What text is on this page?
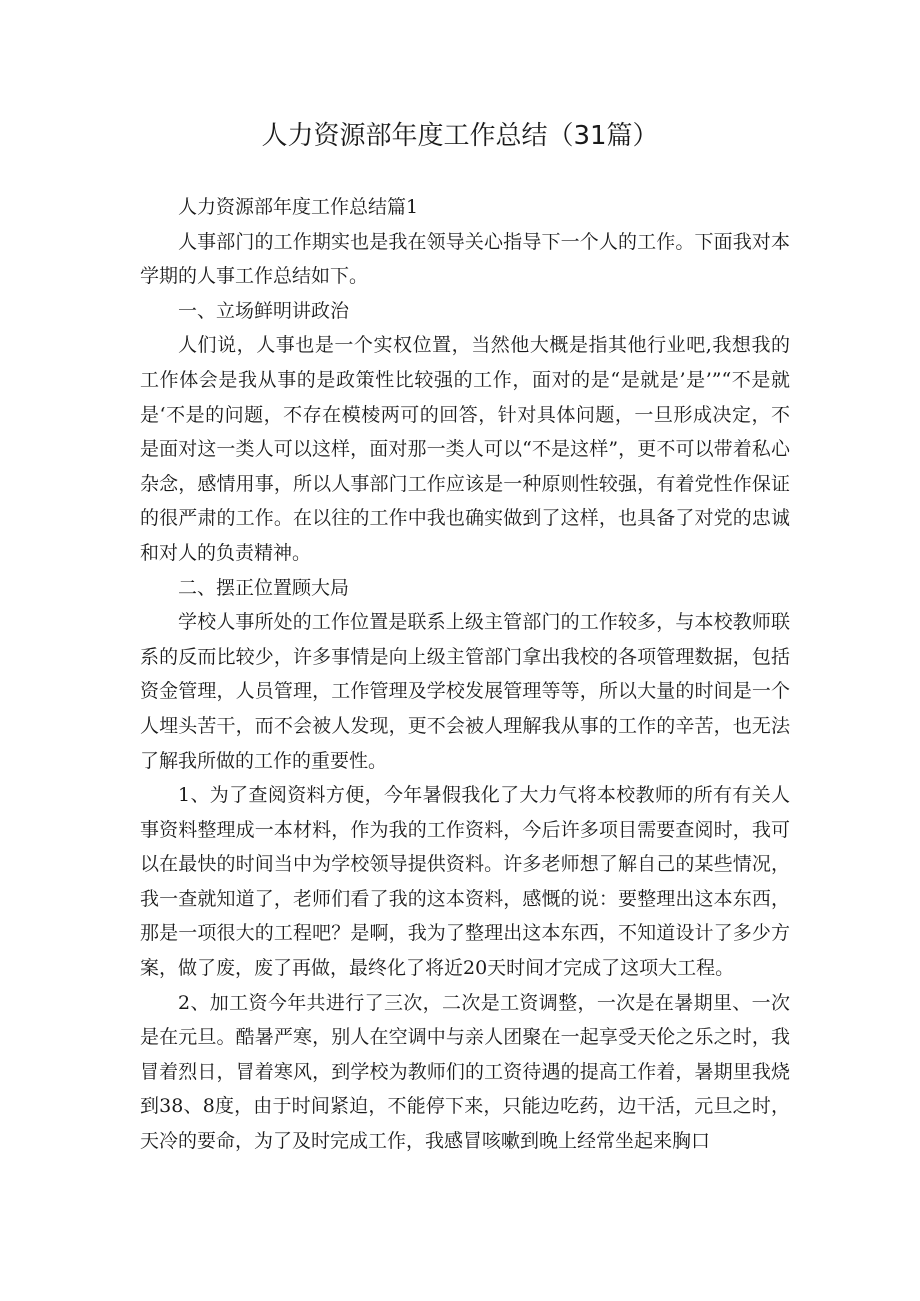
人力资源部年度工作总结（31篇）

人力资源部年度工作总结篇1

人事部门的工作期实也是我在领导关心指导下一个人的工作。下面我对本学期的人事工作总结如下。

一、立场鲜明讲政治

人们说，人事也是一个实权位置，当然他大概是指其他行业吧,我想我的工作体会是我从事的是政策性比较强的工作，面对的是“是就是’是’”“不是就是‘不是的问题，不存在模棱两可的回答，针对具体问题，一旦形成决定，不是面对这一类人可以这样，面对那一类人可以“不是这样”，更不可以带着私心杂念，感情用事，所以人事部门工作应该是一种原则性较强，有着党性作保证的很严肃的工作。在以往的工作中我也确实做到了这样，也具备了对党的忠诚和对人的负责精神。

二、摆正位置顾大局

学校人事所处的工作位置是联系上级主管部门的工作较多，与本校教师联系的反而比较少，许多事情是向上级主管部门拿出我校的各项管理数据，包括资金管理，人员管理，工作管理及学校发展管理等等，所以大量的时间是一个人埋头苦干，而不会被人发现，更不会被人理解我从事的工作的辛苦，也无法了解我所做的工作的重要性。

1、为了查阅资料方便，今年暑假我化了大力气将本校教师的所有有关人事资料整理成一本材料，作为我的工作资料，今后许多项目需要查阅时，我可以在最快的时间当中为学校领导提供资料。许多老师想了解自己的某些情况，我一查就知道了，老师们看了我的这本资料，感慨的说：要整理出这本东西，那是一项很大的工程吧？是啊，我为了整理出这本东西，不知道设计了多少方案，做了废，废了再做，最终化了将近20天时间才完成了这项大工程。

2、加工资今年共进行了三次，二次是工资调整，一次是在暑期里、一次是在元旦。酷暑严寒，别人在空调中与亲人团聚在一起享受天伦之乐之时，我冒着烈日，冒着寒风，到学校为教师们的工资待遇的提高工作着，暑期里我烧到38、8度，由于时间紧迫，不能停下来，只能边吃药，边干活，元旦之时，天冷的要命，为了及时完成工作，我感冒咳嗽到晚上经常坐起来胸口
